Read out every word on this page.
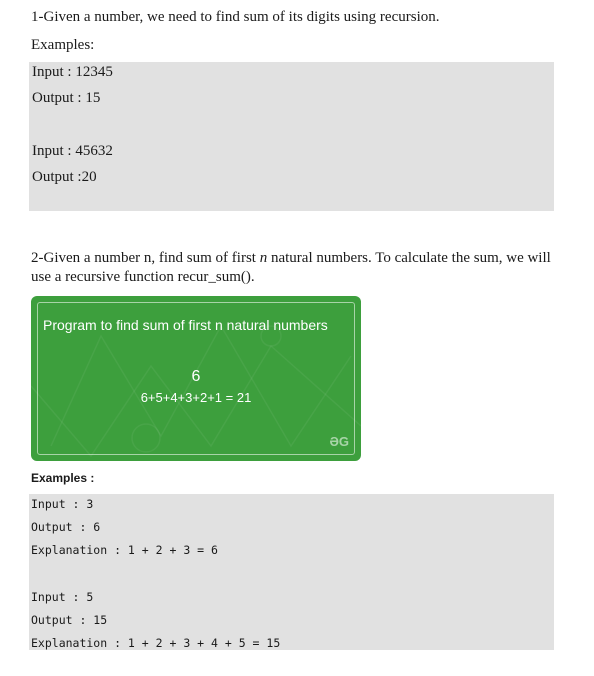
1-Given a number, we need to find sum of its digits using recursion.
Examples:
Input : 12345
Output : 15
Input : 45632
Output :20
2-Given a number n, find sum of first n natural numbers. To calculate the sum, we will use a recursive function recur_sum().
Program to find sum of first n natural numbers
6
6+5+4+3+2+1 = 21
ƏG
Examples :
Input : 3
Output : 6
Explanation : 1 + 2 + 3 = 6
Input : 5
Output : 15
Explanation : 1 + 2 + 3 + 4 + 5 = 15
